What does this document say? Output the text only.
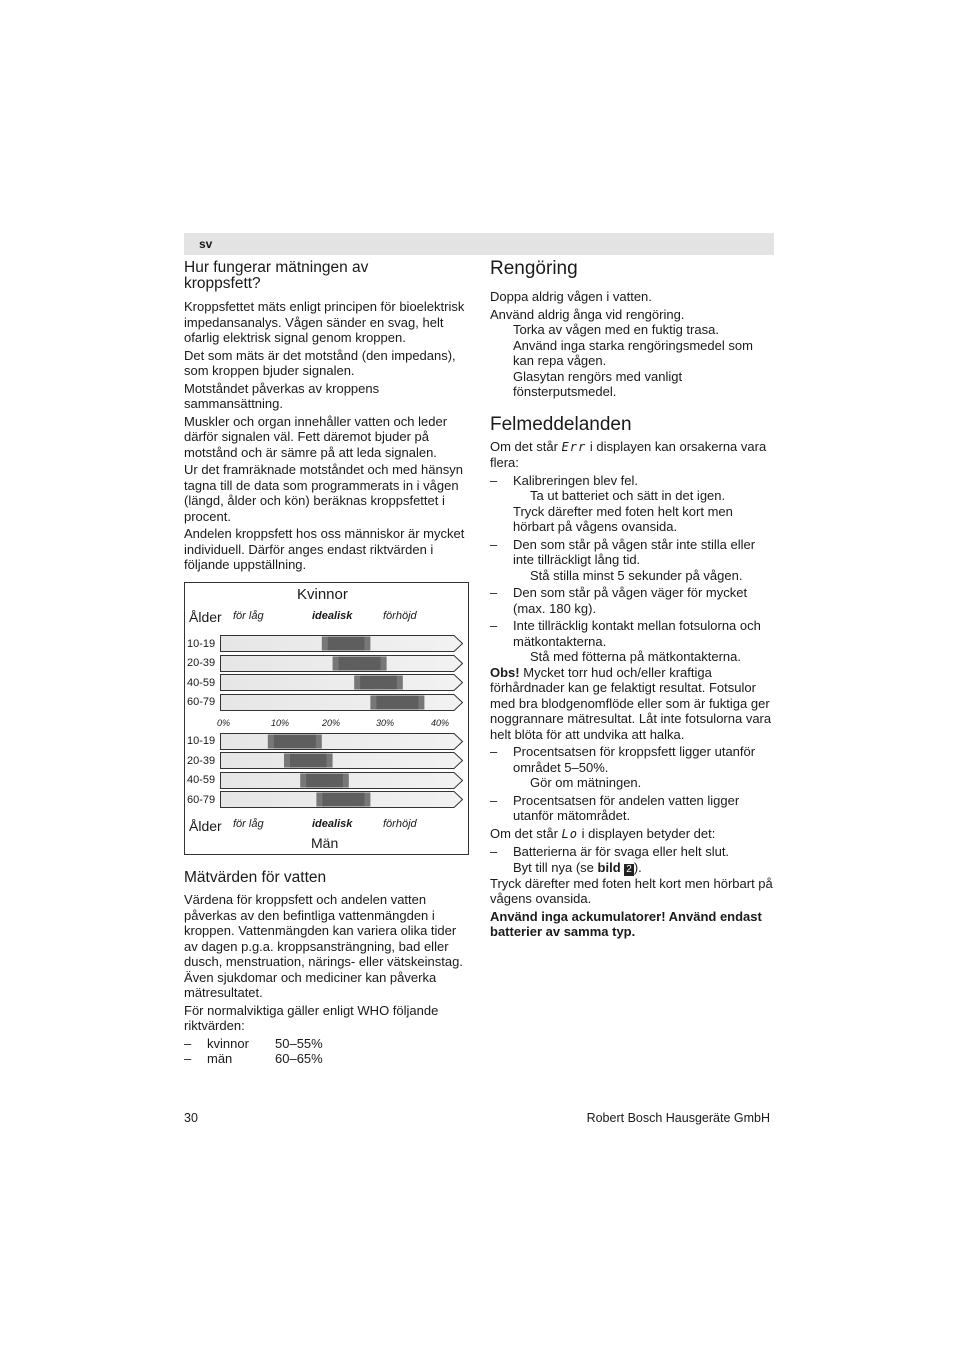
sv
Hur fungerar mätningen av kroppsfett?

Kroppsfettet mäts enligt principen för bioelektrisk impedansanalys. Vågen sänder en svag, helt ofarlig elektrisk signal genom kroppen.

Det som mäts är det motstånd (den impedans), som kroppen bjuder signalen.

Motståndet påverkas av kroppens sammansättning.

Muskler och organ innehåller vatten och leder därför signalen väl. Fett däremot bjuder på motstånd och är sämre på att leda signalen.

Ur det framräknade motståndet och med hänsyn tagna till de data som programmerats in i vågen (längd, ålder och kön) beräknas kroppsfettet i procent.

Andelen kroppsfett hos oss människor är mycket individuell. Därför anges endast riktvärden i följande uppställning.

Kvinnor
Ålder för låg	idealisk	förhöjd
10-19
20-39
40-59
60-79
0%	10%	20%	30%	40%
10-19
20-39
40-59
60-79
Ålder för låg	idealisk	förhöjd
Män
Mätvärden för vatten

Värdena för kroppsfett och andelen vatten påverkas av den befintliga vattenmängden i kroppen. Vattenmängden kan variera olika tider av dagen p.g.a. kroppsansträngning, bad eller dusch, menstruation, närings- eller vätskeinstag. Även sjukdomar och mediciner kan påverka mätresultatet.

För normalviktiga gäller enligt WHO följande riktvärden:

– kvinnor 50–55%
– män	60–65%
Rengöring

Doppa aldrig vågen i vatten.

Använd aldrig ånga vid rengöring.

Torka av vågen med en fuktig trasa.

Använd inga starka rengöringsmedel som kan repa vågen.

Glasytan rengörs med vanligt fönsterputsmedel.

Felmeddelanden

Om det står Err i displayen kan orsakerna vara flera:

– Kalibreringen blev fel.

Ta ut batteriet och sätt in det igen.

Tryck därefter med foten helt kort men hörbart på vågens ovansida.

– Den som står på vågen står inte stilla eller inte tillräckligt lång tid.

Stå stilla minst 5 sekunder på vågen.

– Den som står på vågen väger för mycket (max. 180 kg).

– Inte tillräcklig kontakt mellan fotsulorna och mätkontakterna.

Stå med fötterna på mätkontakterna.

Obs! Mycket torr hud och/eller kraftiga förhårdnader kan ge felaktigt resultat. Fotsulor med bra blodgenomflöde eller som är fuktiga ger noggrannare mätresultat. Låt inte fotsulorna vara helt blöta för att undvika att halka.

– Procentsatsen för kroppsfett ligger utanför området 5–50%.

Gör om mätningen.

– Procentsatsen för andelen vatten ligger utanför mätområdet.

Om det står Lo i displayen betyder det:

– Batterierna är för svaga eller helt slut.

Byt till nya (se bild 2 ).

Tryck därefter med foten helt kort men hörbart på vågens ovansida.

Använd inga ackumulatorer! Använd endast batterier av samma typ.

30	Robert Bosch Hausgeräte GmbH
